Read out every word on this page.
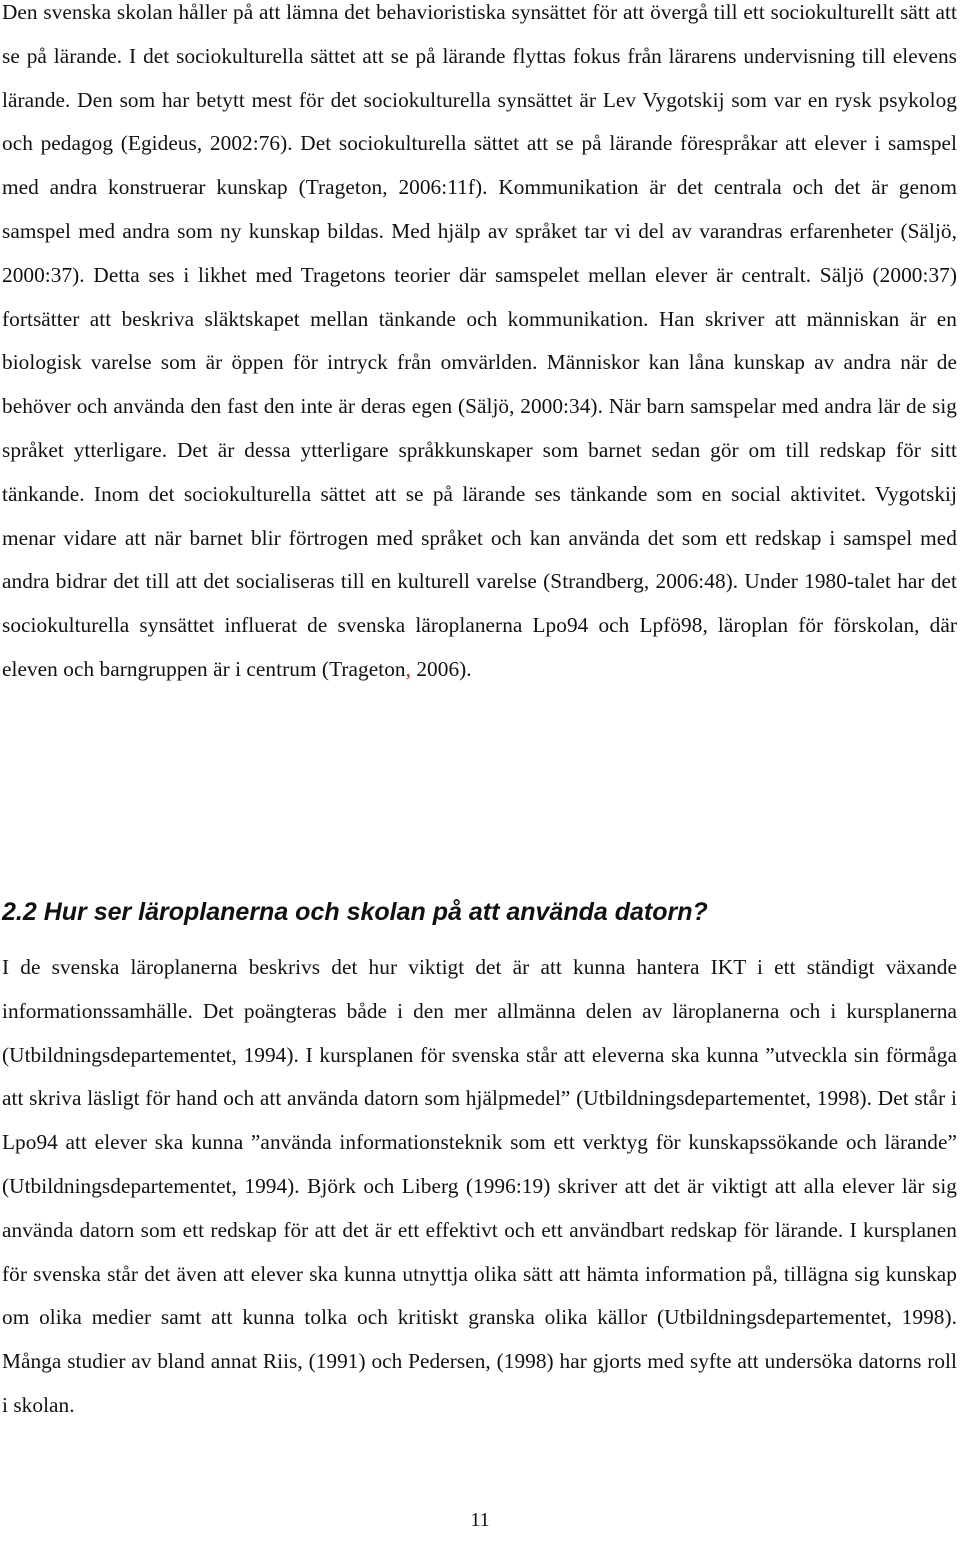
Den svenska skolan håller på att lämna det behavioristiska synsättet för att övergå till ett sociokulturellt sätt att se på lärande. I det sociokulturella sättet att se på lärande flyttas fokus från lärarens undervisning till elevens lärande. Den som har betytt mest för det sociokulturella synsättet är Lev Vygotskij som var en rysk psykolog och pedagog (Egideus, 2002:76). Det sociokulturella sättet att se på lärande förespråkar att elever i samspel med andra konstruerar kunskap (Trageton, 2006:11f). Kommunikation är det centrala och det är genom samspel med andra som ny kunskap bildas. Med hjälp av språket tar vi del av varandras erfarenheter (Säljö, 2000:37). Detta ses i likhet med Tragetons teorier där samspelet mellan elever är centralt. Säljö (2000:37) fortsätter att beskriva släktskapet mellan tänkande och kommunikation. Han skriver att människan är en biologisk varelse som är öppen för intryck från omvärlden. Människor kan låna kunskap av andra när de behöver och använda den fast den inte är deras egen (Säljö, 2000:34). När barn samspelar med andra lär de sig språket ytterligare. Det är dessa ytterligare språkkunskaper som barnet sedan gör om till redskap för sitt tänkande. Inom det sociokulturella sättet att se på lärande ses tänkande som en social aktivitet. Vygotskij menar vidare att när barnet blir förtrogen med språket och kan använda det som ett redskap i samspel med andra bidrar det till att det socialiseras till en kulturell varelse (Strandberg, 2006:48). Under 1980-talet har det sociokulturella synsättet influerat de svenska läroplanerna Lpo94 och Lpfö98, läroplan för förskolan, där eleven och barngruppen är i centrum (Trageton, 2006).

2.2 Hur ser läroplanerna och skolan på att använda datorn?

I de svenska läroplanerna beskrivs det hur viktigt det är att kunna hantera IKT i ett ständigt växande informationssamhälle. Det poängteras både i den mer allmänna delen av läroplanerna och i kursplanerna (Utbildningsdepartementet, 1994). I kursplanen för svenska står att eleverna ska kunna ”utveckla sin förmåga att skriva läsligt för hand och att använda datorn som hjälpmedel” (Utbildningsdepartementet, 1998). Det står i Lpo94 att elever ska kunna ”använda informationsteknik som ett verktyg för kunskapssökande och lärande” (Utbildningsdepartementet, 1994). Björk och Liberg (1996:19) skriver att det är viktigt att alla elever lär sig använda datorn som ett redskap för att det är ett effektivt och ett användbart redskap för lärande. I kursplanen för svenska står det även att elever ska kunna utnyttja olika sätt att hämta information på, tillägna sig kunskap om olika medier samt att kunna tolka och kritiskt granska olika källor (Utbildningsdepartementet, 1998). Många studier av bland annat Riis, (1991) och Pedersen, (1998) har gjorts med syfte att undersöka datorns roll i skolan.

11
